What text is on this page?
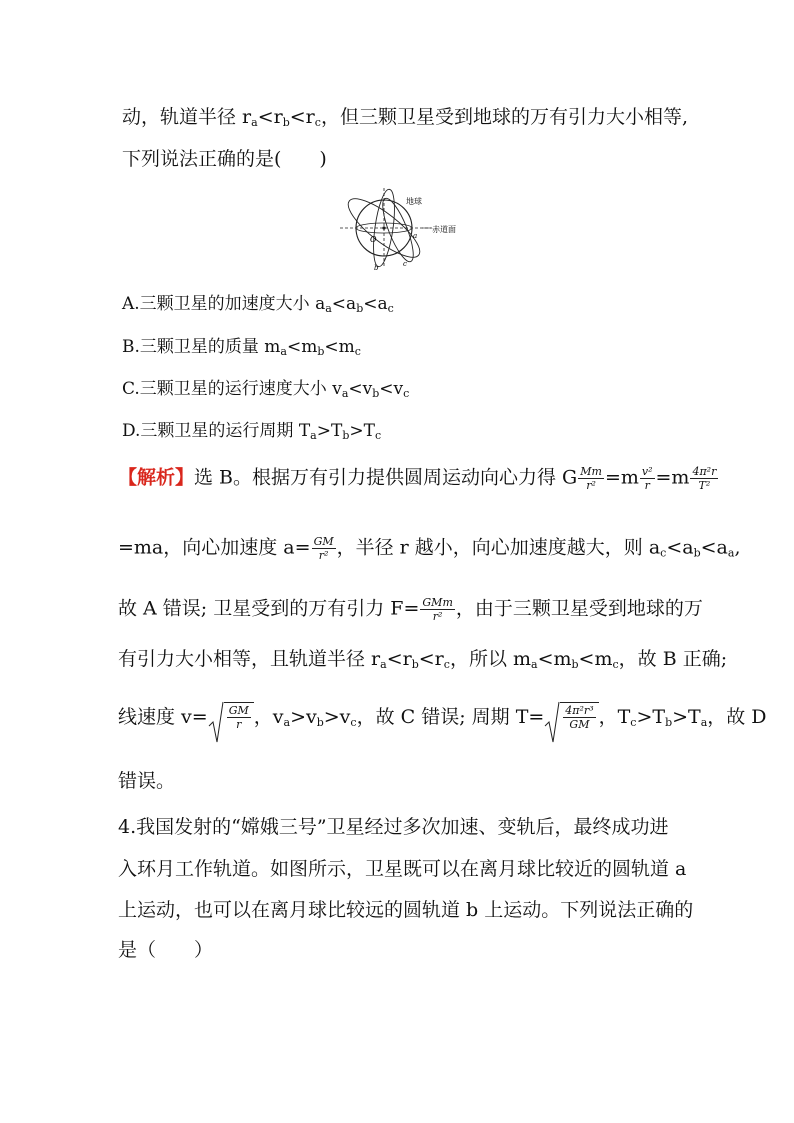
动，轨道半径 $r_a<r_b<r_c$，但三颗卫星受到地球的万有引力大小相等,
下列说法正确的是(　　)
地球
赤道面
O	a
b	c
A.三颗卫星的加速度大小 $a_a<a_b<a_c$
B.三颗卫星的质量 $m_a<m_b<m_c$
C.三颗卫星的运行速度大小 $v_a<v_b<v_c$
D.三颗卫星的运行周期 $T_a>T_b>T_c$
【解析】选 B。根据万有引力提供圆周运动向心力得 G $\frac{Mm}{\text{r²}} =m \frac{\text{v²}}{r} =m \frac{\text{4π²r}}{\text{T²}}$
=ma，向心加速度 $a= \frac{GM}{\text{r²}}$ ，半径 r 越小，向心加速度越大，则 $a_c<a_b<a_a$,
故 A 错误; 卫星受到的万有引力 $F= \frac{\text{GMm}}{\text{r²}}$ ，由于三颗卫星受到地球的万
有引力大小相等，且轨道半径 $r_a<r_b<r_c$，所以 $m_a<m_b<m_c$，故 B 正确;
线速度 $v= \frac{GM}{r}$ ，$v_a>v_b>v_c$，故 C 错误; 周期 $T= \frac{\text{4π²r³}}{GM}$ ，$T_c>T_b>T_a$，故 D
错误。
4.我国发射的“嫦娥三号”卫星经过多次加速、变轨后，最终成功进
入环月工作轨道。如图所示，卫星既可以在离月球比较近的圆轨道 a
上运动，也可以在离月球比较远的圆轨道 b 上运动。下列说法正确的
是（　　）
